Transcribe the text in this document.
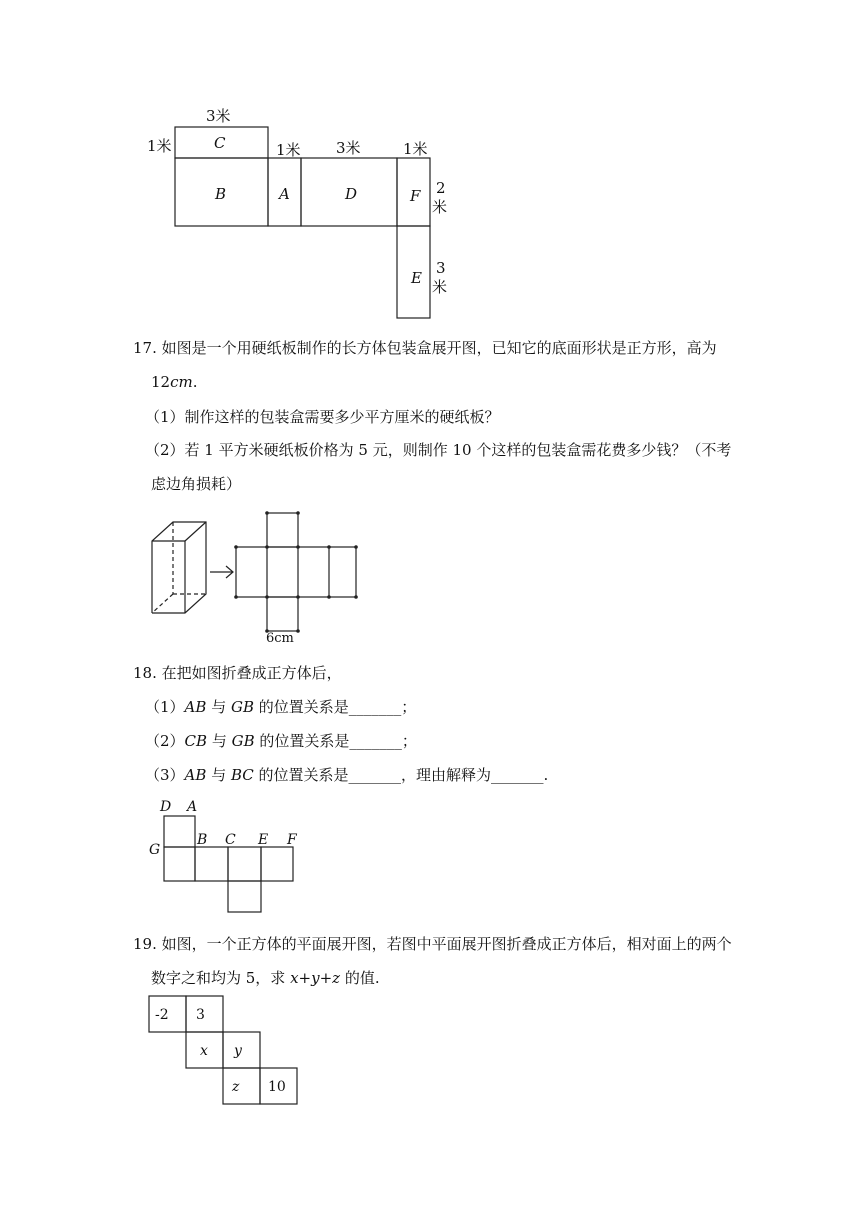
3米
1米	1米 3米	1米
2
米
3
米
C
B	A	D	F
E
17. 如图是一个用硬纸板制作的长方体包装盒展开图，已知它的底面形状是正方形，高为
12cm.
（1）制作这样的包装盒需要多少平方厘米的硬纸板？
（2）若 1 平方米硬纸板价格为 5 元，则制作 10 个这样的包装盒需花费多少钱？（不考
虑边角损耗）
6cm
18. 在把如图折叠成正方体后，
（1）AB 与 GB 的位置关系是_______；
（2）CB 与 GB 的位置关系是_______；
（3）AB 与 BC 的位置关系是_______，理由解释为_______.
D A
G
B C E F
19. 如图，一个正方体的平面展开图，若图中平面展开图折叠成正方体后，相对面上的两个
数字之和均为 5，求 x+y+z 的值.
-2 3
x y
z 10
